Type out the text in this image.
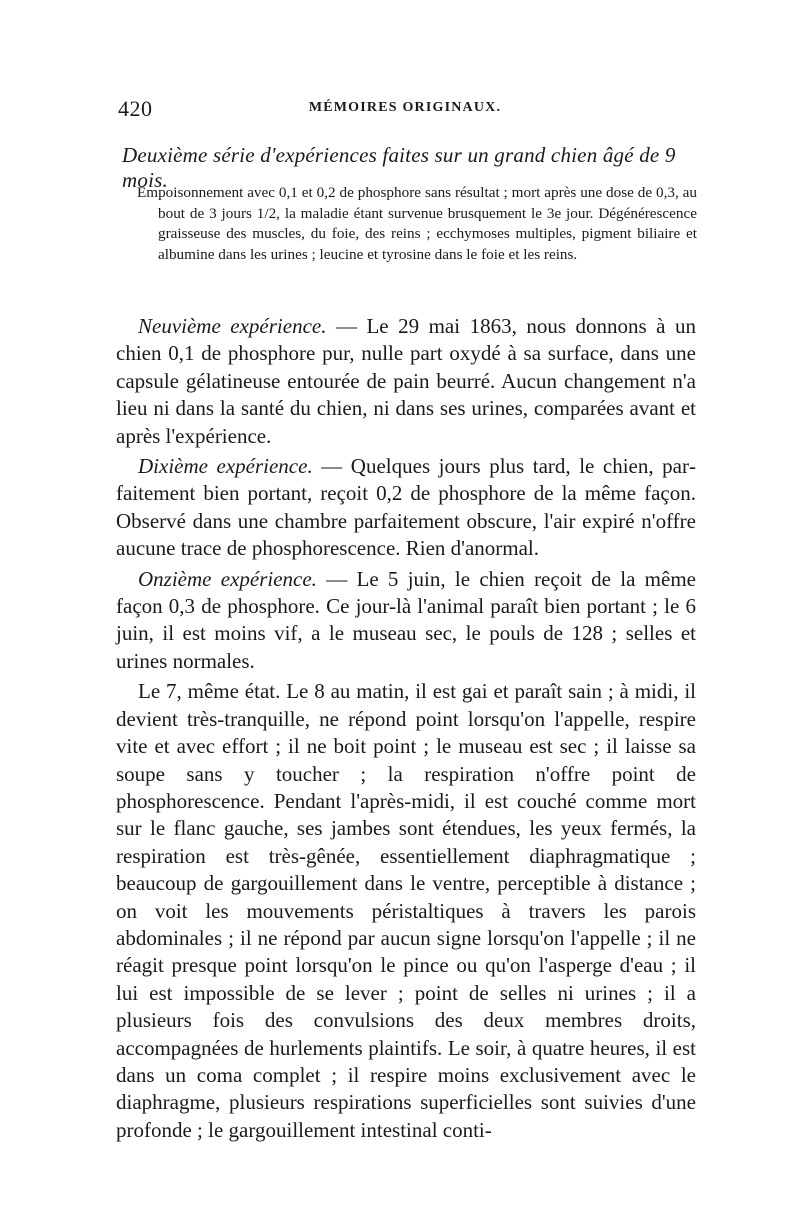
420	MÉMOIRES ORIGINAUX.
Deuxième série d'expériences faites sur un grand chien âgé de 9 mois.

Empoisonnement avec 0,1 et 0,2 de phosphore sans résultat ; mort après une dose de 0,3, au bout de 3 jours 1/2, la maladie étant survenue brusquement le 3e jour. Dégénérescence graisseuse des muscles, du foie, des reins ; ecchymoses multiples, pigment biliaire et albumine dans les urines ; leucine et tyrosine dans le foie et les reins.

Neuvième expérience. — Le 29 mai 1863, nous donnons à un chien 0,1 de phosphore pur, nulle part oxydé à sa surface, dans une capsule gélatineuse entourée de pain beurré. Aucun changement n'a lieu ni dans la santé du chien, ni dans ses urines, comparées avant et après l'expérience.

Dixième expérience. — Quelques jours plus tard, le chien, parfaitement bien portant, reçoit 0,2 de phosphore de la même façon. Observé dans une chambre parfaitement obscure, l'air expiré n'offre aucune trace de phosphorescence. Rien d'anormal.

Onzième expérience. — Le 5 juin, le chien reçoit de la même façon 0,3 de phosphore. Ce jour-là l'animal paraît bien portant ; le 6 juin, il est moins vif, a le museau sec, le pouls de 128 ; selles et urines normales.

Le 7, même état. Le 8 au matin, il est gai et paraît sain ; à midi, il devient très-tranquille, ne répond point lorsqu'on l'appelle, respire vite et avec effort ; il ne boit point ; le museau est sec ; il laisse sa soupe sans y toucher ; la respiration n'offre point de phosphorescence. Pendant l'après-midi, il est couché comme mort sur le flanc gauche, ses jambes sont étendues, les yeux fermés, la respiration est très-gênée, essentiellement diaphragmatique ; beaucoup de gargouillement dans le ventre, perceptible à distance ; on voit les mouvements péristaltiques à travers les parois abdominales ; il ne répond par aucun signe lorsqu'on l'appelle ; il ne réagit presque point lorsqu'on le pince ou qu'on l'asperge d'eau ; il lui est impossible de se lever ; point de selles ni urines ; il a plusieurs fois des convulsions des deux membres droits, accompagnées de hurlements plaintifs. Le soir, à quatre heures, il est dans un coma complet ; il respire moins exclusivement avec le diaphragme, plusieurs respirations superficielles sont suivies d'une profonde ; le gargouillement intestinal conti-
